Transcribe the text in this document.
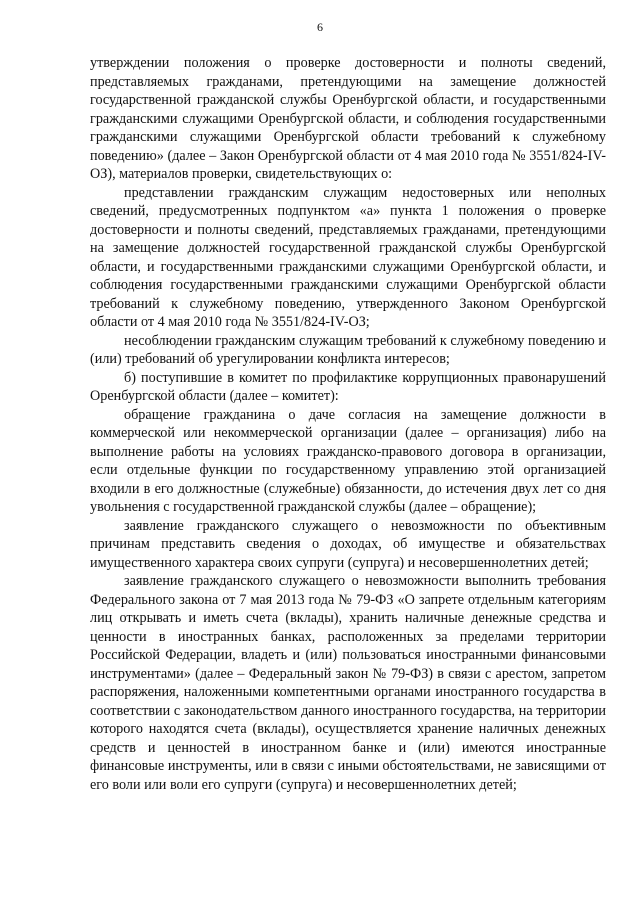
6

утверждении положения о проверке достоверности и полноты сведений, представляемых гражданами, претендующими на замещение должностей государственной гражданской службы Оренбургской области, и государственными гражданскими служащими Оренбургской области, и соблюдения государственными гражданскими служащими Оренбургской области требований к служебному поведению» (далее – Закон Оренбургской области от 4 мая 2010 года № 3551/824-IV-ОЗ), материалов проверки, свидетельствующих о:

представлении гражданским служащим недостоверных или неполных сведений, предусмотренных подпунктом «а» пункта 1 положения о проверке достоверности и полноты сведений, представляемых гражданами, претендующими на замещение должностей государственной гражданской службы Оренбургской области, и государственными гражданскими служащими Оренбургской области, и соблюдения государственными гражданскими служащими Оренбургской области требований к служебному поведению, утвержденного Законом Оренбургской области от 4 мая 2010 года № 3551/824-IV-ОЗ;

несоблюдении гражданским служащим требований к служебному поведению и (или) требований об урегулировании конфликта интересов;

б) поступившие в комитет по профилактике коррупционных правонарушений Оренбургской области (далее – комитет):

обращение гражданина о даче согласия на замещение должности в коммерческой или некоммерческой организации (далее – организация) либо на выполнение работы на условиях гражданско-правового договора в организации, если отдельные функции по государственному управлению этой организацией входили в его должностные (служебные) обязанности, до истечения двух лет со дня увольнения с государственной гражданской службы (далее – обращение);

заявление гражданского служащего о невозможности по объективным причинам представить сведения о доходах, об имуществе и обязательствах имущественного характера своих супруги (супруга) и несовершеннолетних детей;

заявление гражданского служащего о невозможности выполнить требования Федерального закона от 7 мая 2013 года № 79-ФЗ «О запрете отдельным категориям лиц открывать и иметь счета (вклады), хранить наличные денежные средства и ценности в иностранных банках, расположенных за пределами территории Российской Федерации, владеть и (или) пользоваться иностранными финансовыми инструментами» (далее – Федеральный закон № 79-ФЗ) в связи с арестом, запретом распоряжения, наложенными компетентными органами иностранного государства в соответствии с законодательством данного иностранного государства, на территории которого находятся счета (вклады), осуществляется хранение наличных денежных средств и ценностей в иностранном банке и (или) имеются иностранные финансовые инструменты, или в связи с иными обстоятельствами, не зависящими от его воли или воли его супруги (супруга) и несовершеннолетних детей;
